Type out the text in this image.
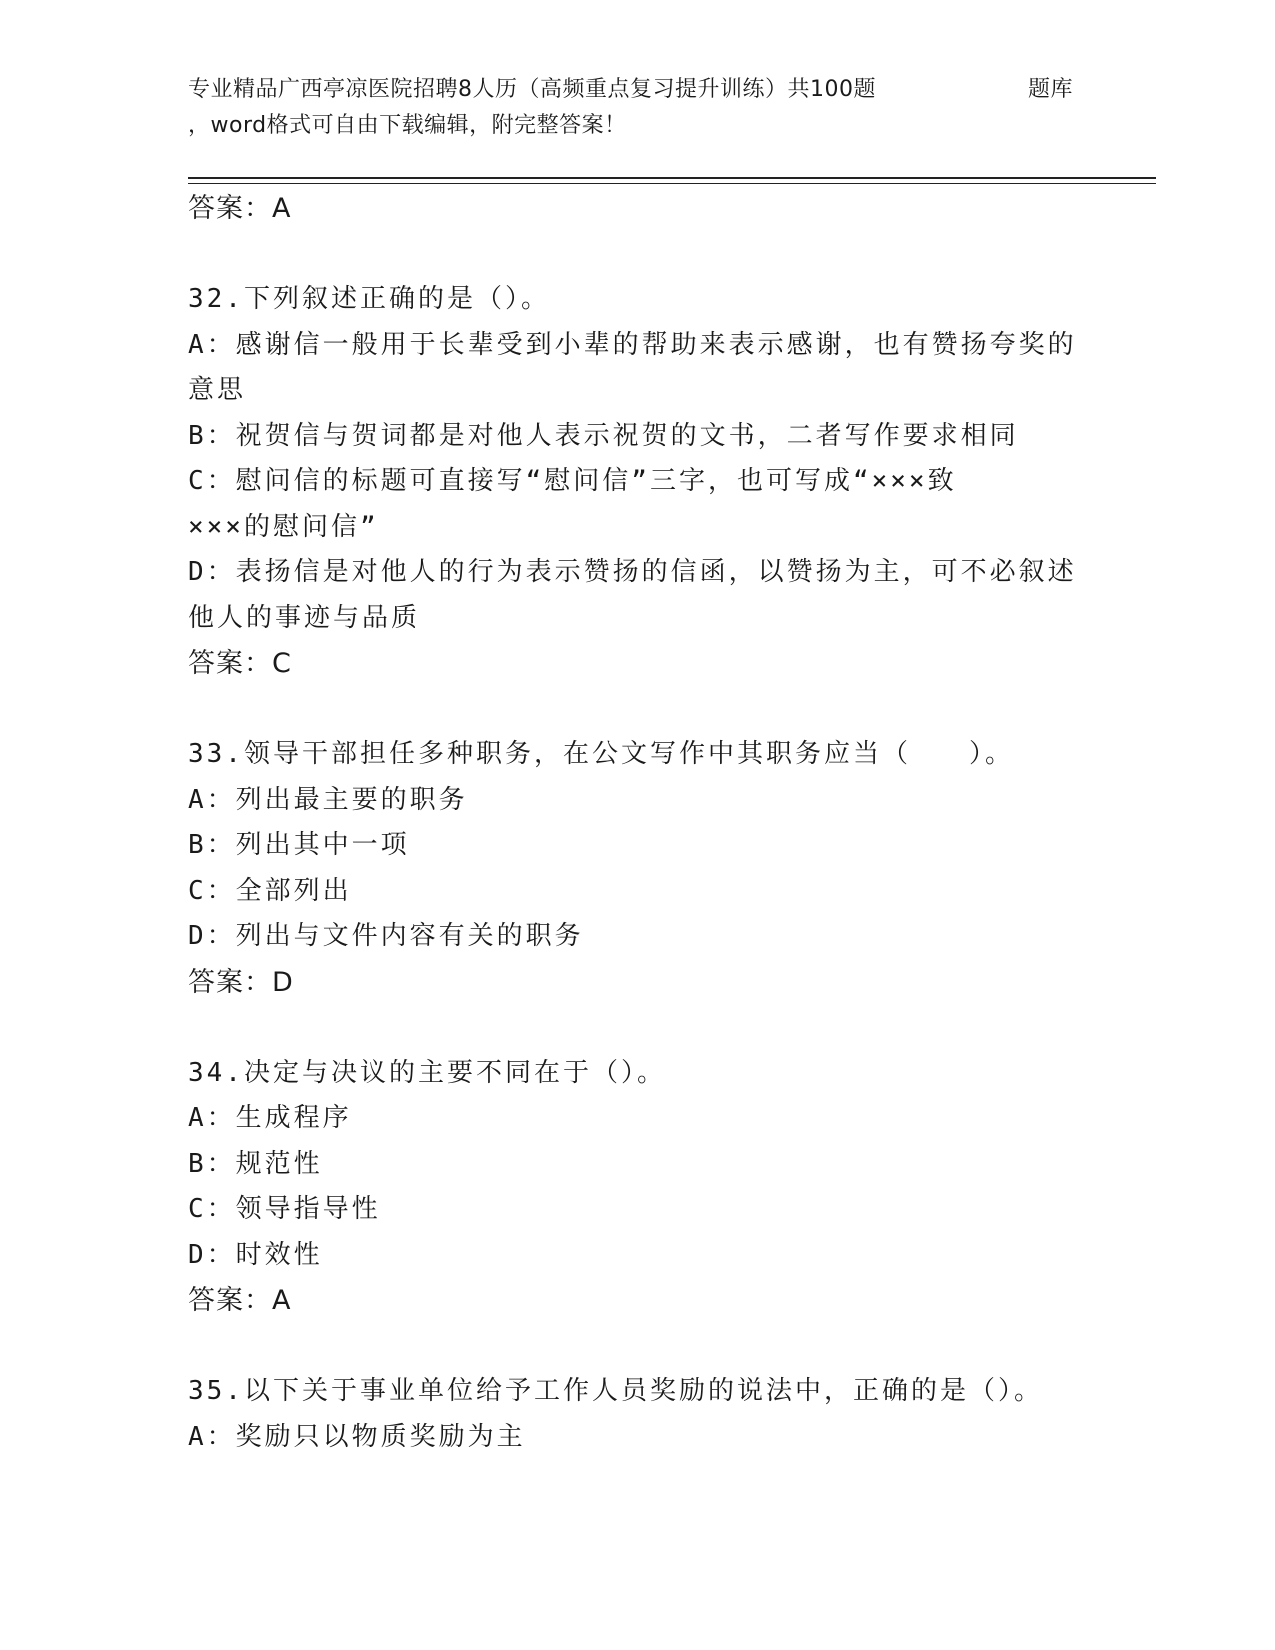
专业精品广西亭凉医院招聘8人历（高频重点复习提升训练）共100题	题库
，word格式可自由下载编辑，附完整答案！
答案：A
32.下列叙述正确的是（）。
A：感谢信一般用于长辈受到小辈的帮助来表示感谢，也有赞扬夸奖的
意思
B：祝贺信与贺词都是对他人表示祝贺的文书，二者写作要求相同
C：慰问信的标题可直接写“慰问信”三字，也可写成“×××致
×××的慰问信”
D：表扬信是对他人的行为表示赞扬的信函，以赞扬为主，可不必叙述
他人的事迹与品质
答案：C
33.领导干部担任多种职务，在公文写作中其职务应当（　　）。
A：列出最主要的职务
B：列出其中一项
C：全部列出
D：列出与文件内容有关的职务
答案：D
34.决定与决议的主要不同在于（）。
A：生成程序
B：规范性
C：领导指导性
D：时效性
答案：A
35.以下关于事业单位给予工作人员奖励的说法中，正确的是（）。
A：奖励只以物质奖励为主
